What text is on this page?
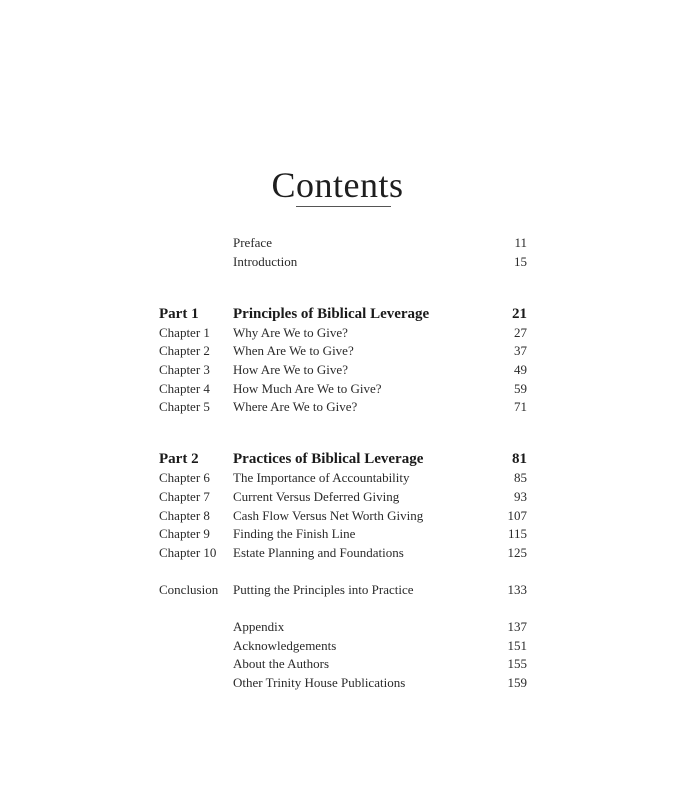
Contents
Preface	11
Introduction	15
Part 1 Principles of Biblical Leverage	21
Chapter 1 Why Are We to Give?	27
Chapter 2 When Are We to Give?	37
Chapter 3 How Are We to Give?	49
Chapter 4 How Much Are We to Give?	59
Chapter 5 Where Are We to Give?	71
Part 2 Practices of Biblical Leverage	81
Chapter 6 The Importance of Accountability	85
Chapter 7 Current Versus Deferred Giving	93
Chapter 8 Cash Flow Versus Net Worth Giving	107
Chapter 9 Finding the Finish Line	115
Chapter 10 Estate Planning and Foundations	125
Conclusion Putting the Principles into Practice	133
Appendix	137
Acknowledgements	151
About the Authors	155
Other Trinity House Publications	159
